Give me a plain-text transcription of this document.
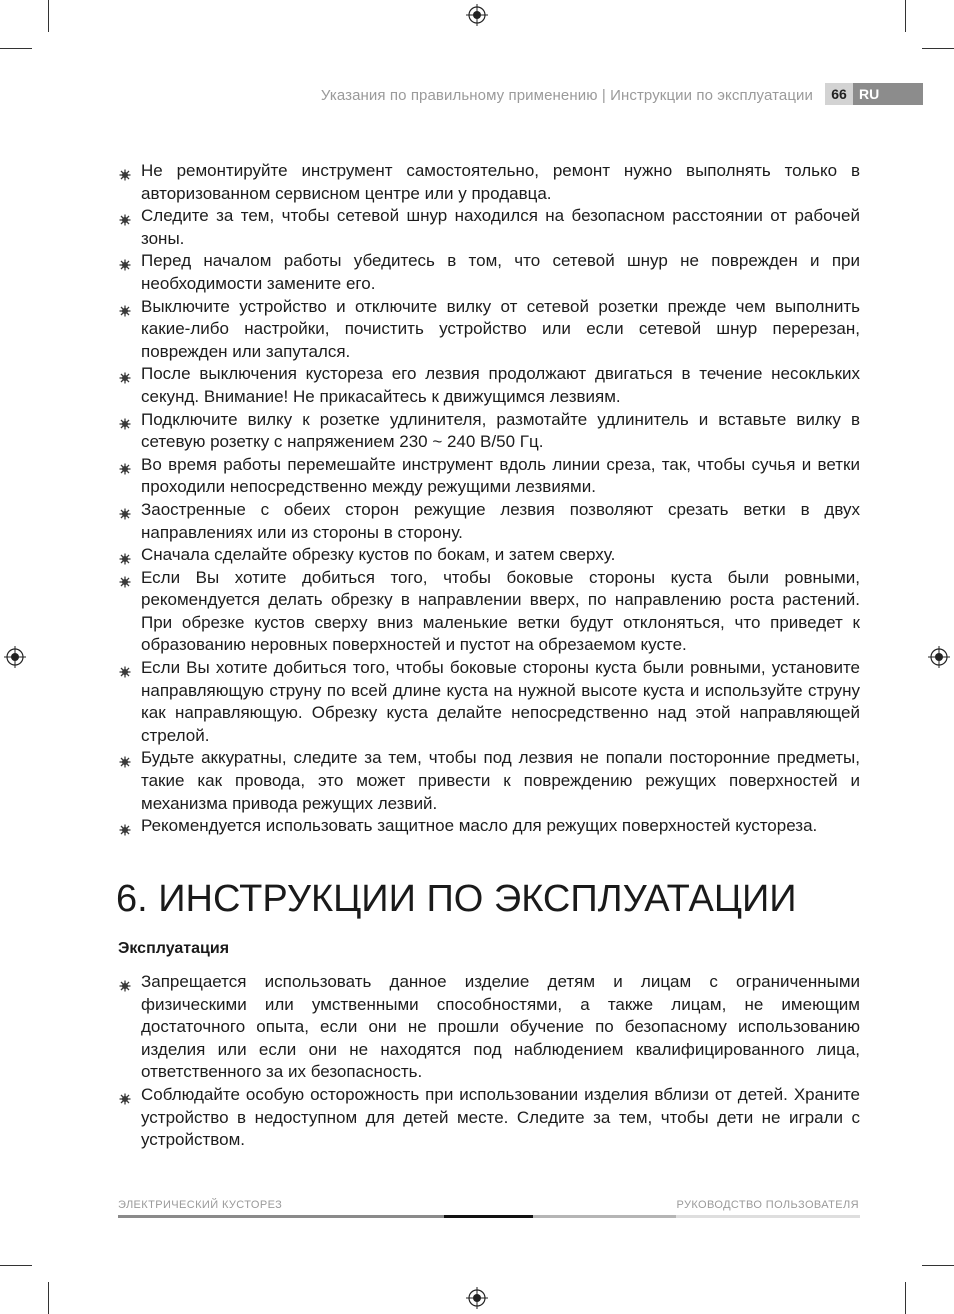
Указания по правильному применению | Инструкции по эксплуатации	66 RU
Не ремонтируйте инструмент самостоятельно, ремонт нужно выполнять только в авторизованном сервисном центре или у продавца.
Следите за тем, чтобы сетевой шнур находился на безопасном расстоянии от рабочей зоны.
Перед началом работы убедитесь в том, что сетевой шнур не поврежден и при необходимости замените его.
Выключите устройство и отключите вилку от сетевой розетки прежде чем выполнить какие-либо настройки, почистить устройство или если сетевой шнур перерезан, поврежден или запутался.
После выключения кустореза его лезвия продолжают двигаться в течение несокльких секунд. Внимание! Не прикасайтесь к движущимся лезвиям.
Подключите вилку к розетке удлинителя, размотайте удлинитель и вставьте вилку в сетевую розетку с напряжением 230 ~ 240 В/50 Гц.
Во время работы перемешайте инструмент вдоль линии среза, так, чтобы сучья и ветки проходили непосредственно между режущими лезвиями.
Заостренные с обеих сторон режущие лезвия позволяют срезать ветки в двух направлениях или из стороны в сторону.
Сначала сделайте обрезку кустов по бокам, и затем сверху.
Если Вы хотите добиться того, чтобы боковые стороны куста были ровными, рекомендуется делать обрезку в направлении вверх, по направлению роста растений. При обрезке кустов сверху вниз маленькие ветки будут отклоняться, что приведет к образованию неровных поверхностей и пустот на обрезаемом кусте.
Если Вы хотите добиться того, чтобы боковые стороны куста были ровными, установите направляющую струну по всей длине куста на нужной высоте куста и используйте струну как направляющую. Обрезку куста делайте непосредственно над этой направляющей стрелой.
Будьте аккуратны, следите за тем, чтобы под лезвия не попали посторонние предметы, такие как провода, это может привести к повреждению режущих поверхностей и механизма привода режущих лезвий.
Рекомендуется использовать защитное масло для режущих поверхностей кустореза.
6. ИНСТРУКЦИИ ПО ЭКСПЛУАТАЦИИ
Эксплуатация
Запрещается использовать данное изделие детям и лицам с ограниченными физическими или умственными способностями, а также лицам, не имеющим достаточного опыта, если они не прошли обучение по безопасному использованию изделия или если они не находятся под наблюдением квалифицированного лица, ответственного за их безопасность.
Соблюдайте особую осторожность при использовании изделия вблизи от детей. Храните устройство в недоступном для детей месте. Следите за тем, чтобы дети не играли с устройством.
ЭЛЕКТРИЧЕСКИЙ КУСТОРЕЗ	РУКОВОДСТВО ПОЛЬЗОВАТЕЛЯ
